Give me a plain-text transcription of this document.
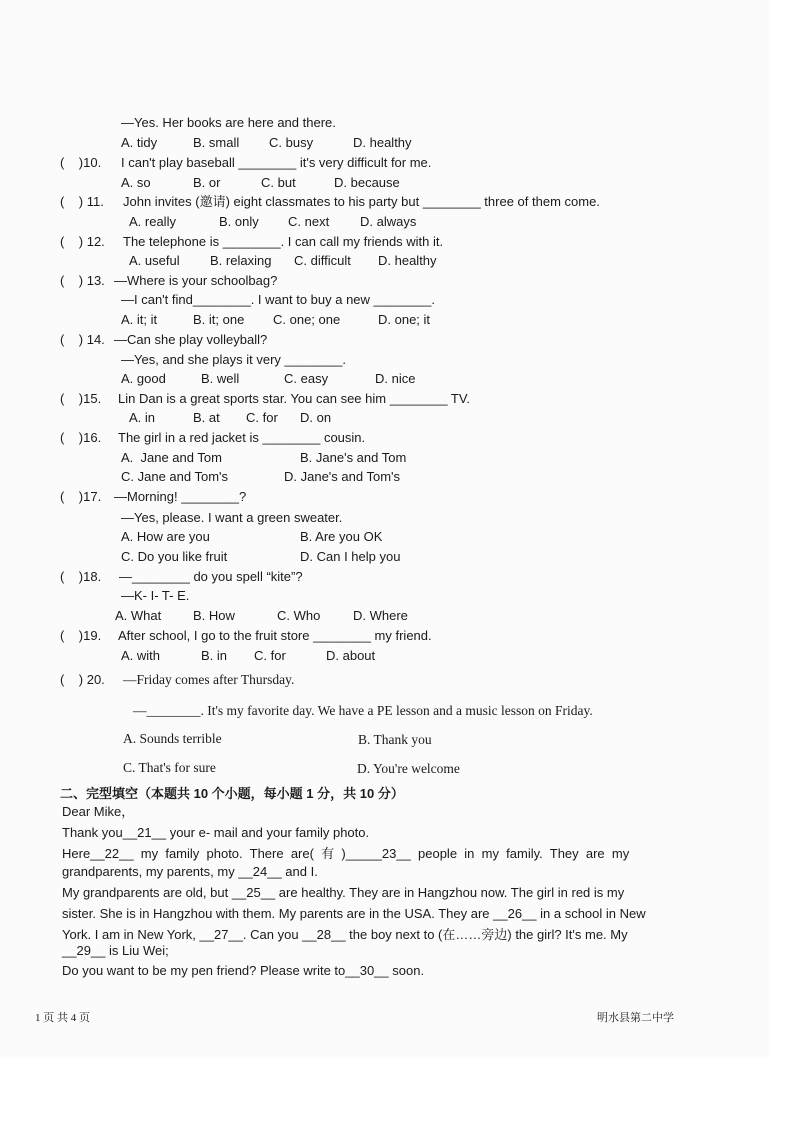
—Yes. Her books are here and there.
A. tidy	B. small C. busy	D. healthy
(    )10. I can't play baseball ________ it's very difficult for me.
A. so	B. or	C. but	D. because
(    ) 11. John invites (邀请) eight classmates to his party but ________ three of them come.
A. really	B. only C. next D. always
(    ) 12. The telephone is ________. I can call my friends with it.
A. useful B. relaxing C. difficult D. healthy
(    ) 13. —Where is your schoolbag?
—I can't find________. I want to buy a new ________.
A. it; it	B. it; one C. one; one	D. one; it
(    ) 14. —Can she play volleyball?
—Yes, and she plays it very ________.
A. good	B. well	C. easy	D. nice
(    )15. Lin Dan is a great sports star. You can see him ________ TV.
A. in	B. at C. for D. on
(    )16. The girl in a red jacket is ________ cousin.
A.  Jane and Tom	B. Jane's and Tom
C. Jane and Tom's	D. Jane's and Tom's
(    )17. —Morning! ________?
—Yes, please. I want a green sweater.
A. How are you	B. Are you OK
C. Do you like fruit	D. Can I help you
(    )18. —________ do you spell “kite”?
—K- I- T- E.
A. What B. How	C. Who	D. Where
(    )19. After school, I go to the fruit store ________ my friend.
A. with	B. in C. for	D. about
(    ) 20. —Friday comes after Thursday.
—________. It's my favorite day. We have a PE lesson and a music lesson on Friday.
A. Sounds terrible	B. Thank you
C. That's for sure	D. You're welcome
二、完型填空（本题共 10 个小题，每小题 1 分，共 10 分）
Dear Mike，
Thank you__21__ your e- mail and your family photo.
Here__22__  my  family  photo.  There  are(  有  )_____23__  people  in  my  family.  They  are  my
grandparents, my parents, my __24__ and I.
My grandparents are old, but __25__ are healthy. They are in Hangzhou now. The girl in red is my
sister. She is in Hangzhou with them. My parents are in the USA. They are __26__ in a school in New
York. I am in New York, __27__. Can you __28__ the boy next to (在……旁边) the girl? It's me. My
__29__ is Liu Wei;
Do you want to be my pen friend? Please write to__30__ soon.
1 页 共 4 页	明水县第二中学
